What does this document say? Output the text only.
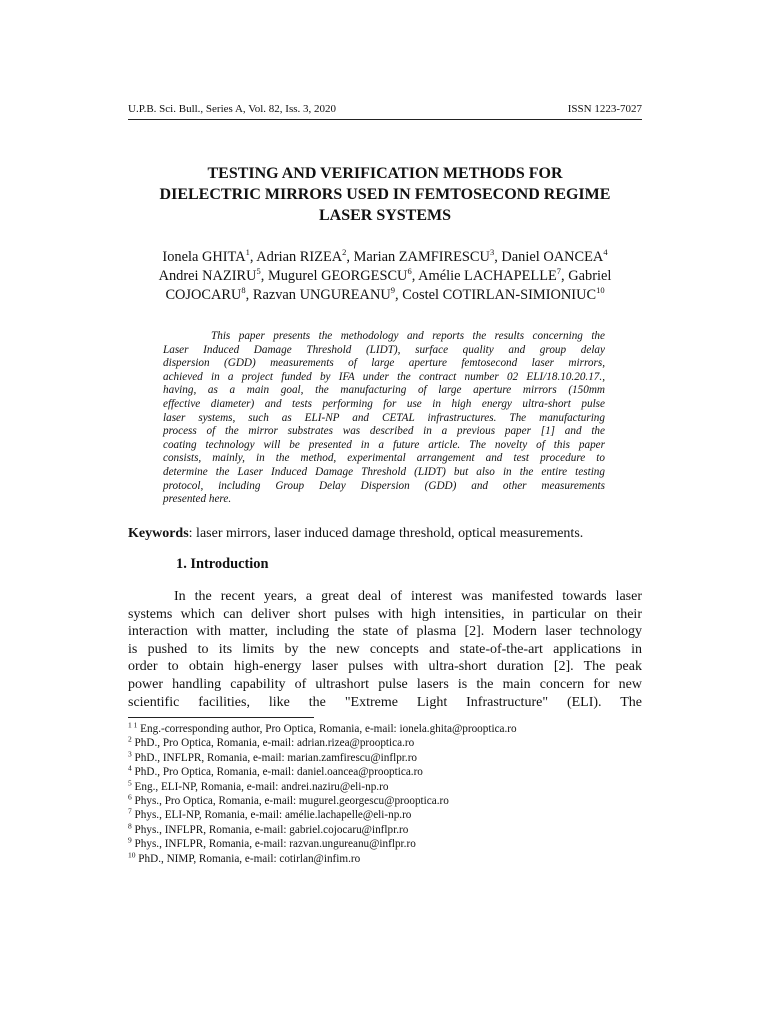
U.P.B. Sci. Bull., Series A, Vol. 82, Iss. 3, 2020	ISSN 1223-7027
TESTING AND VERIFICATION METHODS FOR
DIELECTRIC MIRRORS USED IN FEMTOSECOND REGIME
LASER SYSTEMS
Ionela GHITA$^1$, Adrian RIZEA$^2$, Marian ZAMFIRESCU$^3$, Daniel OANCEA$^4$
Andrei NAZIRU$^5$, Mugurel GEORGESCU$^6$, Amélie LACHAPELLE$^7$, Gabriel
COJOCARU$^8$, Razvan UNGUREANU$^9$, Costel COTIRLAN-SIMIONIUC$^{10}$
This paper presents the methodology and reports the results concerning the
Laser Induced Damage Threshold (LIDT), surface quality and group delay
dispersion (GDD) measurements of large aperture femtosecond laser mirrors,
achieved in a project funded by IFA under the contract number 02 ELI/18.10.20.17.,
having, as a main goal, the manufacturing of large aperture mirrors (150mm
effective diameter) and tests performing for use in high energy ultra-short pulse
laser systems, such as ELI-NP and CETAL infrastructures. The manufacturing
process of the mirror substrates was described in a previous paper [1] and the
coating technology will be presented in a future article. The novelty of this paper
consists, mainly, in the method, experimental arrangement and test procedure to
determine the Laser Induced Damage Threshold (LIDT) but also in the entire testing
protocol, including Group Delay Dispersion (GDD) and other measurements
presented here.
Keywords: laser mirrors, laser induced damage threshold, optical measurements.
1. Introduction
In the recent years, a great deal of interest was manifested towards laser
systems which can deliver short pulses with high intensities, in particular on their
interaction with matter, including the state of plasma [2]. Modern laser technology
is pushed to its limits by the new concepts and state-of-the-art applications in
order to obtain high-energy laser pulses with ultra-short duration [2]. The peak
power handling capability of ultrashort pulse lasers is the main concern for new
scientific facilities, like the "Extreme Light Infrastructure" (ELI). The
$^{1 1}$ Eng.-corresponding author, Pro Optica, Romania, e-mail: ionela.ghita@prooptica.ro
$^2$ PhD., Pro Optica, Romania, e-mail: adrian.rizea@prooptica.ro
$^3$ PhD., INFLPR, Romania, e-mail: marian.zamfirescu@inflpr.ro
$^4$ PhD., Pro Optica, Romania, e-mail: daniel.oancea@prooptica.ro
$^5$ Eng., ELI-NP, Romania, e-mail: andrei.naziru@eli-np.ro
$^6$ Phys., Pro Optica, Romania, e-mail: mugurel.georgescu@prooptica.ro
$^7$ Phys., ELI-NP, Romania, e-mail: amélie.lachapelle@eli-np.ro
$^8$ Phys., INFLPR, Romania, e-mail: gabriel.cojocaru@inflpr.ro
$^9$ Phys., INFLPR, Romania, e-mail: razvan.ungureanu@inflpr.ro
$^{10}$ PhD., NIMP, Romania, e-mail: cotirlan@infim.ro
